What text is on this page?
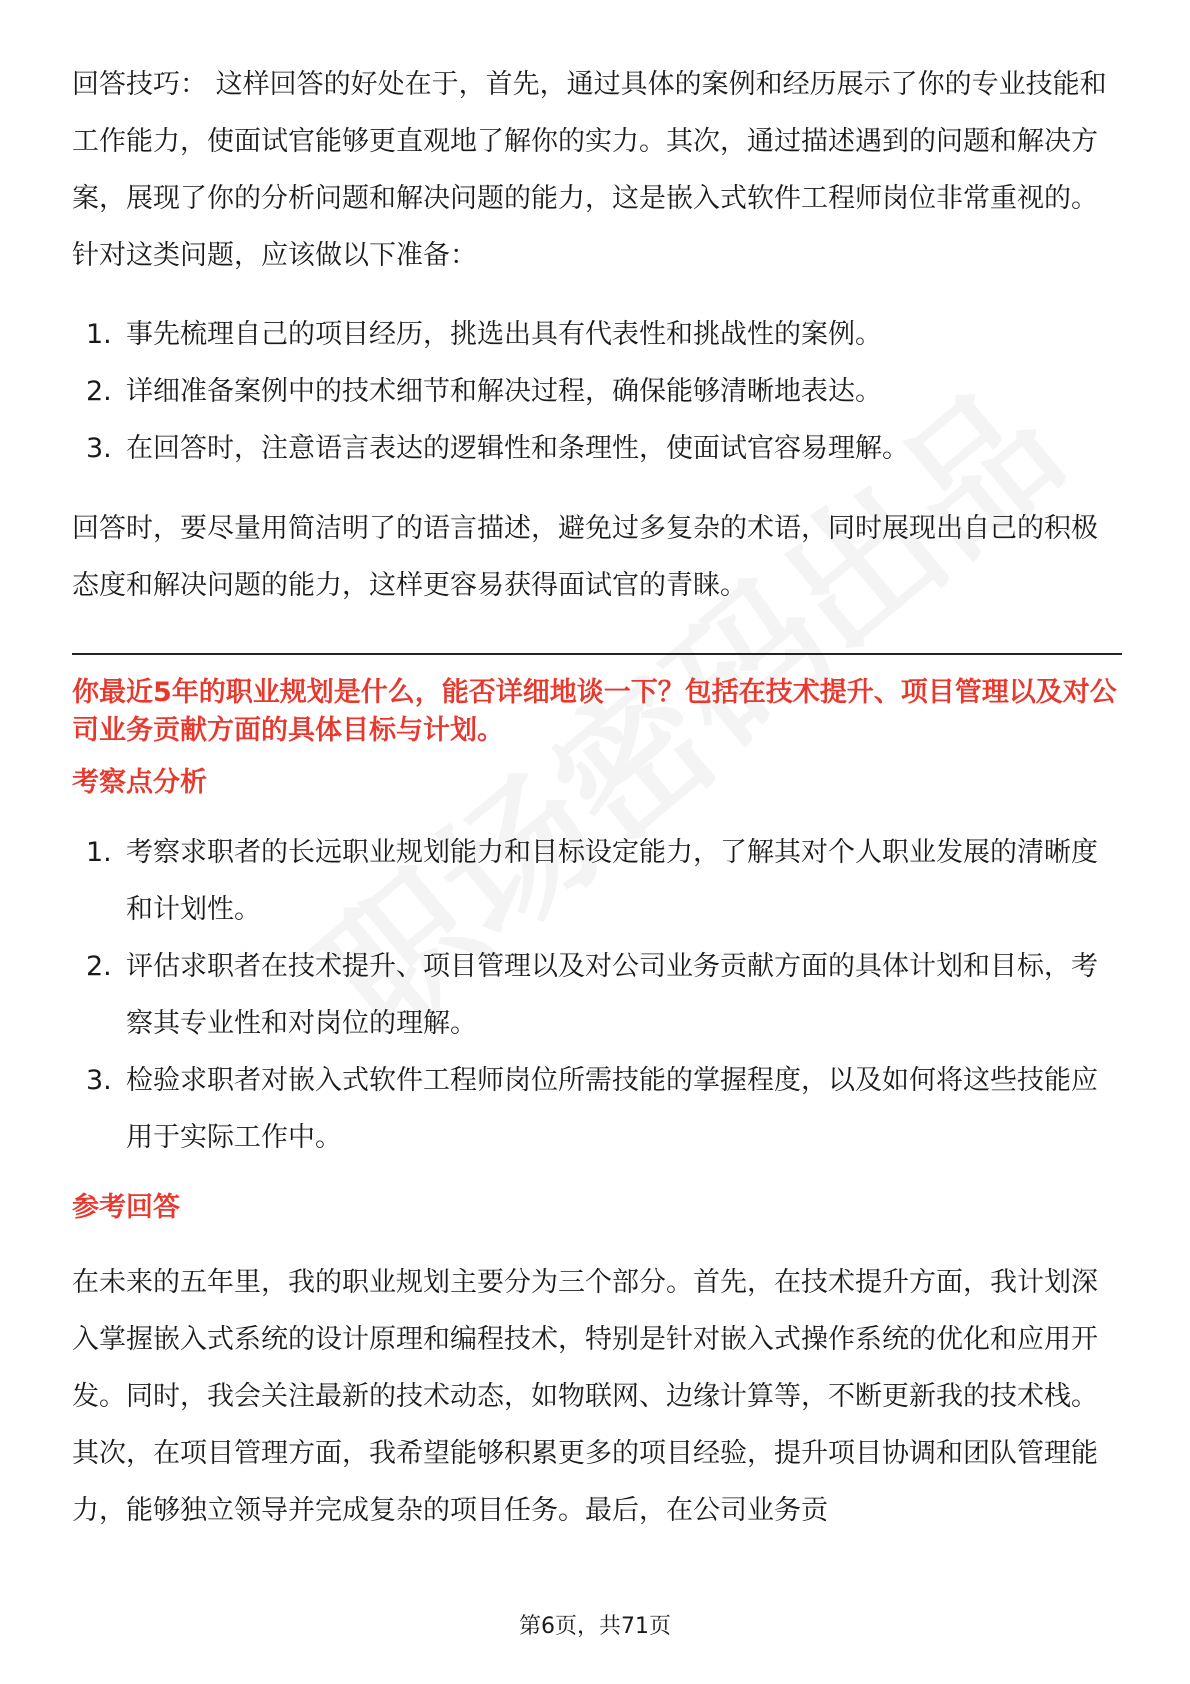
回答技巧： 这样回答的好处在于，首先，通过具体的案例和经历展示了你的专业技能和工作能力，使面试官能够更直观地了解你的实力。其次，通过描述遇到的问题和解决方案，展现了你的分析问题和解决问题的能力，这是嵌入式软件工程师岗位非常重视的。针对这类问题，应该做以下准备：

1. 事先梳理自己的项目经历，挑选出具有代表性和挑战性的案例。
2. 详细准备案例中的技术细节和解决过程，确保能够清晰地表达。
3. 在回答时，注意语言表达的逻辑性和条理性，使面试官容易理解。

回答时，要尽量用简洁明了的语言描述，避免过多复杂的术语，同时展现出自己的积极态度和解决问题的能力，这样更容易获得面试官的青睐。

你最近5年的职业规划是什么，能否详细地谈一下？包括在技术提升、项目管理以及对公司业务贡献方面的具体目标与计划。

考察点分析

1. 考察求职者的长远职业规划能力和目标设定能力，了解其对个人职业发展的清晰度和计划性。
2. 评估求职者在技术提升、项目管理以及对公司业务贡献方面的具体计划和目标，考察其专业性和对岗位的理解。
3. 检验求职者对嵌入式软件工程师岗位所需技能的掌握程度，以及如何将这些技能应用于实际工作中。

参考回答

在未来的五年里，我的职业规划主要分为三个部分。首先，在技术提升方面，我计划深入掌握嵌入式系统的设计原理和编程技术，特别是针对嵌入式操作系统的优化和应用开发。同时，我会关注最新的技术动态，如物联网、边缘计算等，不断更新我的技术栈。其次，在项目管理方面，我希望能够积累更多的项目经验，提升项目协调和团队管理能力，能够独立领导并完成复杂的项目任务。最后，在公司业务贡

第6页，共71页
